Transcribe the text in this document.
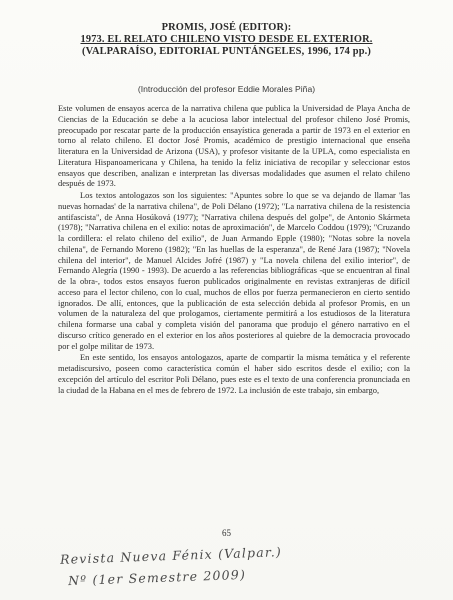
PROMIS, JOSÉ (EDITOR):
1973. EL RELATO CHILENO VISTO DESDE EL EXTERIOR.
(VALPARAÍSO, EDITORIAL PUNTÁNGELES, 1996, 174 pp.)
(Introducción del profesor Eddie Morales Piña)

Este volumen de ensayos acerca de la narrativa chilena que publica la Universidad de Playa Ancha de Ciencias de la Educación se debe a la acuciosa labor intelectual del profesor chileno José Promis, preocupado por rescatar parte de la producción ensayística generada a partir de 1973 en el exterior en torno al relato chileno. El doctor José Promis, académico de prestigio internacional que enseña literatura en la Universidad de Arizona (USA), y profesor visitante de la UPLA, como especialista en Literatura Hispanoamericana y Chilena, ha tenido la feliz iniciativa de recopilar y seleccionar estos ensayos que describen, analizan e interpretan las diversas modalidades que asumen el relato chileno después de 1973.

Los textos antologazos son los siguientes: "Apuntes sobre lo que se va dejando de llamar 'las nuevas hornadas' de la narrativa chilena", de Poli Délano (1972); "La narrativa chilena de la resistencia antifascista", de Anna Hosúková (1977); "Narrativa chilena después del golpe", de Antonio Skármeta (1978); "Narrativa chilena en el exilio: notas de aproximación", de Marcelo Coddou (1979); "Cruzando la cordillera: el relato chileno del exilio", de Juan Armando Epple (1980); "Notas sobre la novela chilena", de Fernando Moreno (1982); "En las huellas de la esperanza", de René Jara (1987); "Novela chilena del interior", de Manuel Alcides Jofré (1987) y "La novela chilena del exilio interior", de Fernando Alegría (1990 - 1993). De acuerdo a las referencias bibliográficas -que se encuentran al final de la obra-, todos estos ensayos fueron publicados originalmente en revistas extranjeras de difícil acceso para el lector chileno, con lo cual, muchos de ellos por fuerza permanecieron en cierto sentido ignorados. De allí, entonces, que la publicación de esta selección debida al profesor Promis, en un volumen de la naturaleza del que prologamos, ciertamente permitirá a los estudiosos de la literatura chilena formarse una cabal y completa visión del panorama que produjo el género narrativo en el discurso crítico generado en el exterior en los años posteriores al quiebre de la democracia provocado por el golpe militar de 1973.

En este sentido, los ensayos antologazos, aparte de compartir la misma temática y el referente metadiscursivo, poseen como característica común el haber sido escritos desde el exilio; con la excepción del artículo del escritor Poli Délano, pues este es el texto de una conferencia pronunciada en la ciudad de la Habana en el mes de febrero de 1972. La inclusión de este trabajo, sin embargo,

65
Revista Nueva Fénix (Valpar.)
Nº (1er Semestre 2009)
